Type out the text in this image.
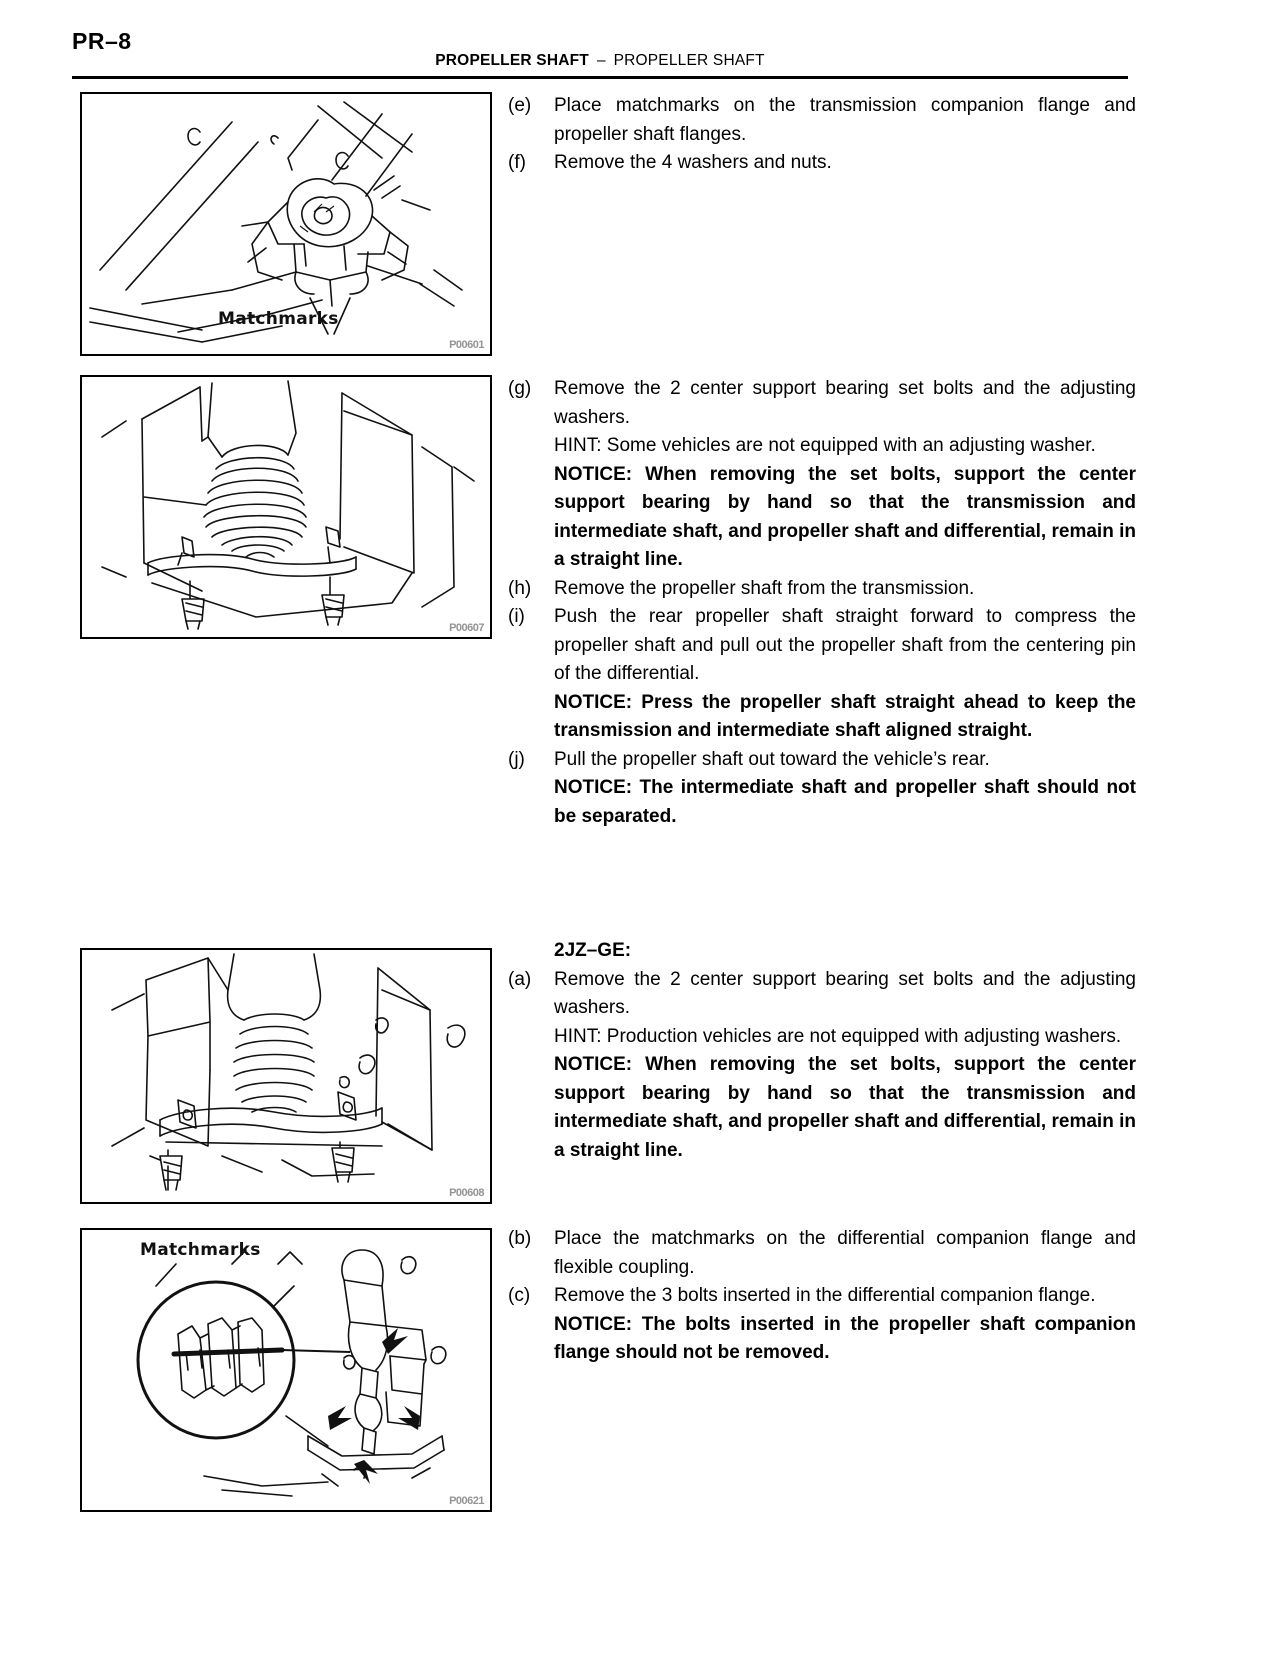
PR–8
PROPELLER SHAFT – PROPELLER SHAFT
Matchmarks
P00601
P00607
P00608
Matchmarks
P00621
(e)	Place matchmarks on the transmission companion flange and propeller shaft flanges.

(f)	Remove the 4 washers and nuts.

(g)	Remove the 2 center support bearing set bolts and the adjusting washers.

HINT: Some vehicles are not equipped with an adjusting washer.

NOTICE: When removing the set bolts, support the center support bearing by hand so that the transmission and intermediate shaft, and propeller shaft and differential, remain in a straight line.

(h)	Remove the propeller shaft from the transmission.

(i)	Push the rear propeller shaft straight forward to compress the propeller shaft and pull out the propeller shaft from the centering pin of the differential.

NOTICE: Press the propeller shaft straight ahead to keep the transmission and intermediate shaft aligned straight.

(j)	Pull the propeller shaft out toward the vehicle’s rear.

NOTICE: The intermediate shaft and propeller shaft should not be separated.

2JZ–GE:
(a)	Remove the 2 center support bearing set bolts and the adjusting washers.

HINT: Production vehicles are not equipped with adjusting washers.

NOTICE: When removing the set bolts, support the center support bearing by hand so that the transmission and intermediate shaft, and propeller shaft and differential, remain in a straight line.

(b)	Place the matchmarks on the differential companion flange and flexible coupling.

(c)	Remove the 3 bolts inserted in the differential companion flange.

NOTICE: The bolts inserted in the propeller shaft companion flange should not be removed.
